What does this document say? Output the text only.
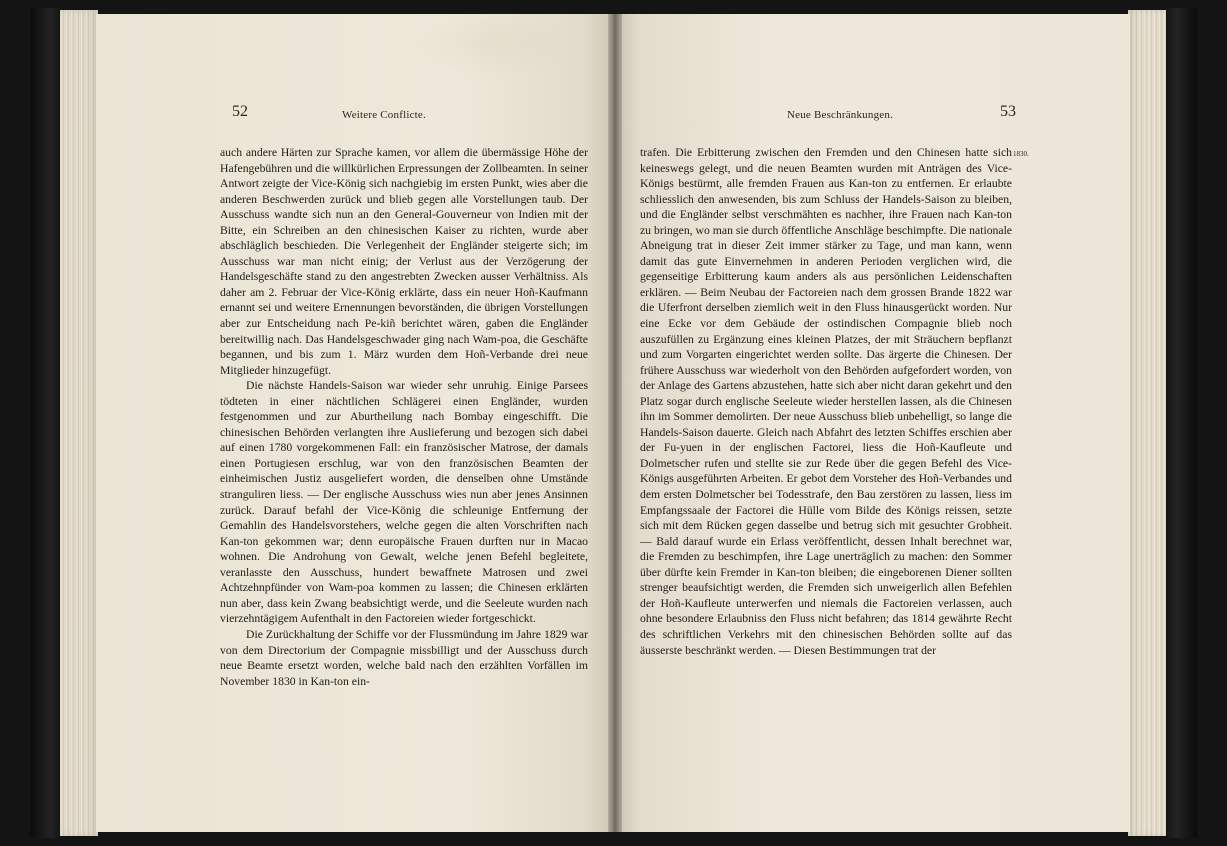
52	Weitere Conflicte.	Neue Beschränkungen.	53

auch andere Härten zur Sprache kamen, vor allem die übermässige Höhe der Hafengebühren und die willkürlichen Erpressungen der Zollbeamten. In seiner Antwort zeigte der Vice-König sich nachgiebig im ersten Punkt, wies aber die anderen Beschwerden zurück und blieb gegen alle Vorstellungen taub. Der Ausschuss wandte sich nun an den General-Gouverneur von Indien mit der Bitte, ein Schreiben an den chinesischen Kaiser zu richten, wurde aber abschläglich beschieden. Die Verlegenheit der Engländer steigerte sich; im Ausschuss war man nicht einig; der Verlust aus der Verzögerung der Handelsgeschäfte stand zu den angestrebten Zwecken ausser Verhältniss. Als daher am 2. Februar der Vice-König erklärte, dass ein neuer Hoñ-Kaufmann ernannt sei und weitere Ernennungen bevorständen, die übrigen Vorstellungen aber zur Entscheidung nach Pe-kiñ berichtet wären, gaben die Engländer bereitwillig nach. Das Handelsgeschwader ging nach Wam-poa, die Geschäfte begannen, und bis zum 1. März wurden dem Hoñ-Verbande drei neue Mitglieder hinzugefügt.

Die nächste Handels-Saison war wieder sehr unruhig. Einige Parsees tödteten in einer nächtlichen Schlägerei einen Engländer, wurden festgenommen und zur Aburtheilung nach Bombay eingeschifft. Die chinesischen Behörden verlangten ihre Auslieferung und bezogen sich dabei auf einen 1780 vorgekommenen Fall: ein französischer Matrose, der damals einen Portugiesen erschlug, war von den französischen Beamten der einheimischen Justiz ausgeliefert worden, die denselben ohne Umstände stranguliren liess. — Der englische Ausschuss wies nun aber jenes Ansinnen zurück. Darauf befahl der Vice-König die schleunige Entfernung der Gemahlin des Handelsvorstehers, welche gegen die alten Vorschriften nach Kan-ton gekommen war; denn europäische Frauen durften nur in Macao wohnen. Die Androhung von Gewalt, welche jenen Befehl begleitete, veranlasste den Ausschuss, hundert bewaffnete Matrosen und zwei Achtzehnpfünder von Wam-poa kommen zu lassen; die Chinesen erklärten nun aber, dass kein Zwang beabsichtigt werde, und die Seeleute wurden nach vierzehntägigem Aufenthalt in den Factoreien wieder fortgeschickt.

Die Zurückhaltung der Schiffe vor der Flussmündung im Jahre 1829 war von dem Directorium der Compagnie missbilligt und der Ausschuss durch neue Beamte ersetzt worden, welche bald nach den erzählten Vorfällen im November 1830 in Kan-ton ein-

trafen. Die Erbitterung zwischen den Fremden und den Chinesen hatte sich keineswegs gelegt, und die neuen Beamten wurden mit Anträgen des Vice-Königs bestürmt, alle fremden Frauen aus Kan-ton zu entfernen. Er erlaubte schliesslich den anwesenden, bis zum Schluss der Handels-Saison zu bleiben, und die Engländer selbst verschmähten es nachher, ihre Frauen nach Kan-ton zu bringen, wo man sie durch öffentliche Anschläge beschimpfte. Die nationale Abneigung trat in dieser Zeit immer stärker zu Tage, und man kann, wenn damit das gute Einvernehmen in anderen Perioden verglichen wird, die gegenseitige Erbitterung kaum anders als aus persönlichen Leidenschaften erklären. — Beim Neubau der Factoreien nach dem grossen Brande 1822 war die Uferfront derselben ziemlich weit in den Fluss hinausgerückt worden. Nur eine Ecke vor dem Gebäude der ostindischen Compagnie blieb noch auszufüllen zu Ergänzung eines kleinen Platzes, der mit Sträuchern bepflanzt und zum Vorgarten eingerichtet werden sollte. Das ärgerte die Chinesen. Der frühere Ausschuss war wiederholt von den Behörden aufgefordert worden, von der Anlage des Gartens abzustehen, hatte sich aber nicht daran gekehrt und den Platz sogar durch englische Seeleute wieder herstellen lassen, als die Chinesen ihn im Sommer demolirten. Der neue Ausschuss blieb unbehelligt, so lange die Handels-Saison dauerte. Gleich nach Abfahrt des letzten Schiffes erschien aber der Fu-yuen in der englischen Factorei, liess die Hoñ-Kaufleute und Dolmetscher rufen und stellte sie zur Rede über die gegen Befehl des Vice-Königs ausgeführten Arbeiten. Er gebot dem Vorsteher des Hoñ-Verbandes und dem ersten Dolmetscher bei Todesstrafe, den Bau zerstören zu lassen, liess im Empfangssaale der Factorei die Hülle vom Bilde des Königs reissen, setzte sich mit dem Rücken gegen dasselbe und betrug sich mit gesuchter Grobheit. — Bald darauf wurde ein Erlass veröffentlicht, dessen Inhalt berechnet war, die Fremden zu beschimpfen, ihre Lage unerträglich zu machen: den Sommer über dürfte kein Fremder in Kan-ton bleiben; die eingeborenen Diener sollten strenger beaufsichtigt werden, die Fremden sich unweigerlich allen Befehlen der Hoñ-Kaufleute unterwerfen und niemals die Factoreien verlassen, auch ohne besondere Erlaubniss den Fluss nicht befahren; das 1814 gewährte Recht des schriftlichen Verkehrs mit den chinesischen Behörden sollte auf das äusserste beschränkt werden. — Diesen Bestimmungen trat der

1830.
